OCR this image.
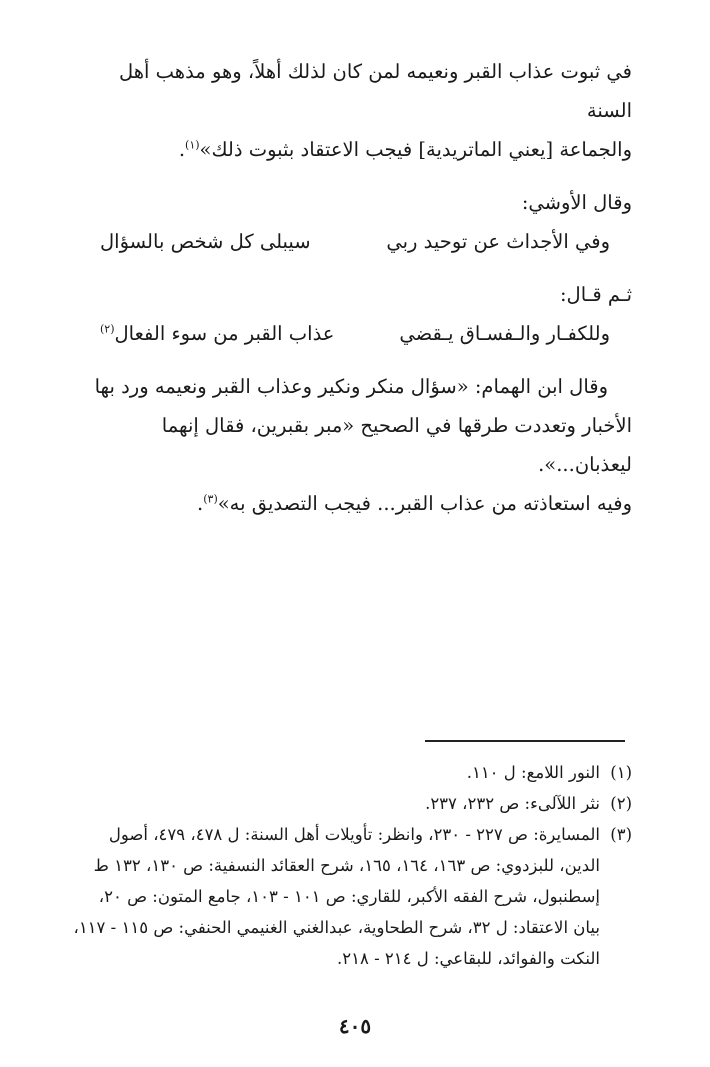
في ثبوت عذاب القبر ونعيمه لمن كان لذلك أهلاً، وهو مذهب أهل السنة

والجماعة [يعني الماتريدية] فيجب الاعتقاد بثبوت ذلك»$^{(١)}$.

وقال الأوشي:

وفي الأجداث عن توحيد ربي
سيبلى كل شخص بالسؤال

ثـم قـال:

وللكفـار والـفسـاق يـقضي
عذاب القبر من سوء الفعال$^{(٢)}$

وقال ابن الهمام: «سؤال منكر ونكير وعذاب القبر ونعيمه ورد بها

الأخبار وتعددت طرقها في الصحيح «مبر بقبرين، فقال إنهما ليعذبان...».

وفيه استعاذته من عذاب القبر... فيجب التصديق به»$^{(٣)}$.

(١)
النور اللامع: ل ١١٠.
(٢)
نثر اللآلىء: ص ٢٣٢، ٢٣٧.
(٣)
المسايرة: ص ٢٢٧ - ٢٣٠، وانظر: تأويلات أهل السنة: ل ٤٧٨، ٤٧٩، أصول الدين، للبزدوي: ص ١٦٣، ١٦٤، ١٦٥، شرح العقائد النسفية: ص ١٣٠، ١٣٢ ط إسطنبول، شرح الفقه الأكبر، للقاري: ص ١٠١ - ١٠٣، جامع المتون: ص ٢٠، بيان الاعتقاد: ل ٣٢، شرح الطحاوية، عبدالغني الغنيمي الحنفي: ص ١١٥ - ١١٧، النكت والفوائد، للبقاعي: ل ٢١٤ - ٢١٨.
٤٠٥
